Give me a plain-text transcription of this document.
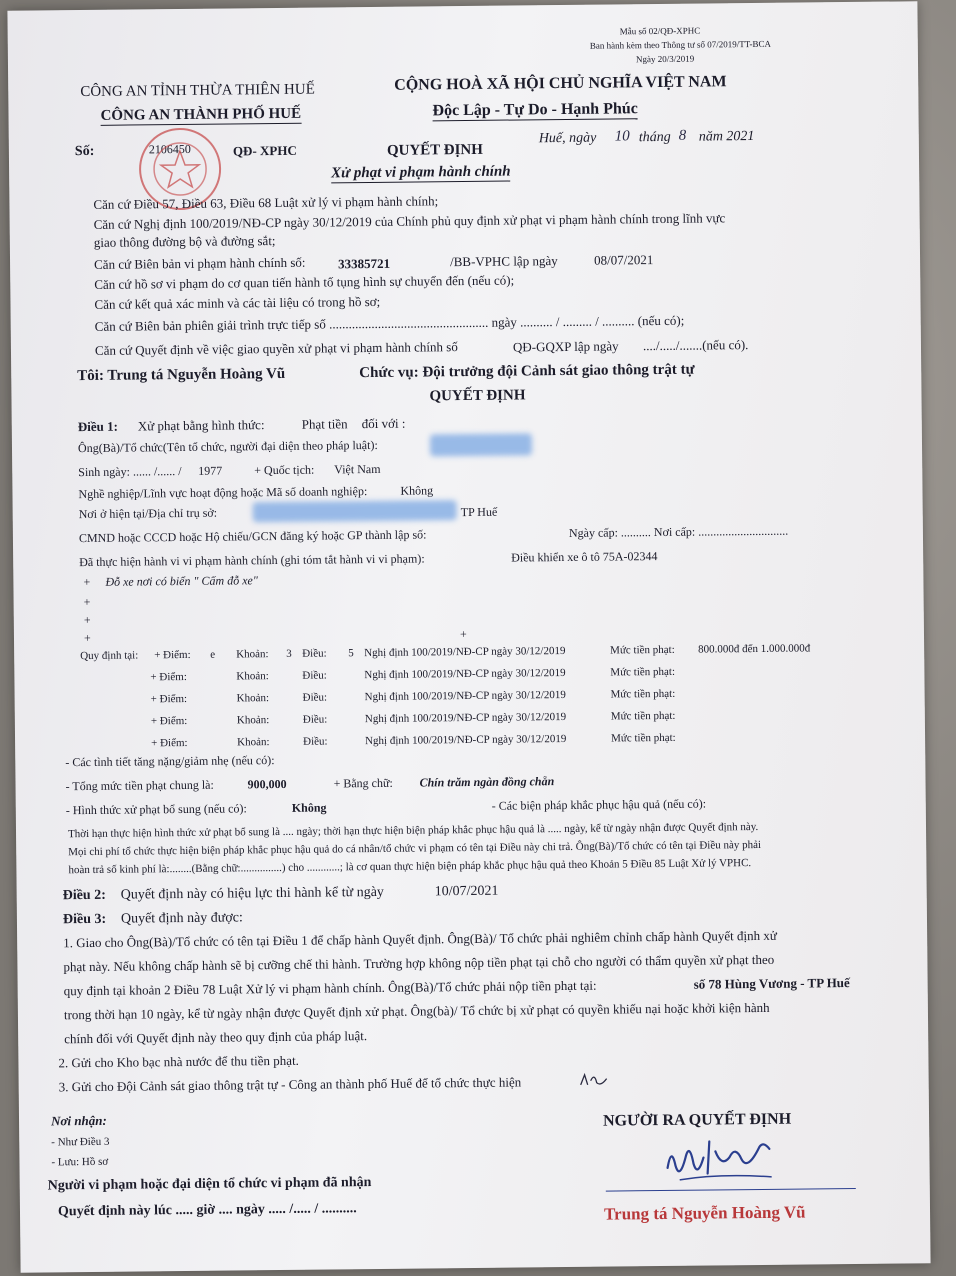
Mẫu số 02/QĐ-XPHC
Ban hành kèm theo Thông tư số 07/2019/TT-BCA
Ngày 20/3/2019
CÔNG AN TỈNH THỪA THIÊN HUẾ
CÔNG AN THÀNH PHỐ HUẾ
Số:	2106450	QĐ- XPHC
CỘNG HOÀ XÃ HỘI CHỦ NGHĨA VIỆT NAM
Độc Lập - Tự Do - Hạnh Phúc
Huế, ngày 10 tháng 8 năm 2021
QUYẾT ĐỊNH
Xử phạt vi phạm hành chính
Căn cứ Điều 57, Điều 63, Điều 68 Luật xử lý vi phạm hành chính;
Căn cứ Nghị định 100/2019/NĐ-CP ngày 30/12/2019 của Chính phủ quy định xử phạt vi phạm hành chính trong lĩnh vực
giao thông đường bộ và đường sắt;
Căn cứ Biên bản vi phạm hành chính số: 33385721	/BB-VPHC lập ngày	08/07/2021
Căn cứ hồ sơ vi phạm do cơ quan tiến hành tố tụng hình sự chuyển đến (nếu có);
Căn cứ kết quả xác minh và các tài liệu có trong hồ sơ;
Căn cứ Biên bản phiên giải trình trực tiếp số ................................................. ngày .......... / ......... / .......... (nếu có);
Căn cứ Quyết định về việc giao quyền xử phạt vi phạm hành chính số	QĐ-GQXP lập ngày ..../...../.......(nếu có).
Tôi: Trung tá Nguyễn Hoàng Vũ	Chức vụ: Đội trưởng đội Cảnh sát giao thông trật tự
QUYẾT ĐỊNH
Điều 1: Xử phạt bằng hình thức:	Phạt tiền đối với :
Ông(Bà)/Tổ chức(Tên tổ chức, người đại diện theo pháp luật):
Sinh ngày: ...... /...... / 1977	+ Quốc tịch: Việt Nam
Nghề nghiệp/Lĩnh vực hoạt động hoặc Mã số doanh nghiệp:	Không
Nơi ở hiện tại/Địa chỉ trụ sở:	TP Huế
CMND hoặc CCCD hoặc Hộ chiếu/GCN đăng ký hoặc GP thành lập số:	Ngày cấp: .......... Nơi cấp: ..............................
Đã thực hiện hành vi vi phạm hành chính (ghi tóm tắt hành vi vi phạm):	Điều khiển xe ô tô 75A-02344
+ Đỗ xe nơi có biển " Cấm đỗ xe"
+
+
+	+
Quy định tại: + Điểm: e Khoản: 3 Điều: 5 Nghị định 100/2019/NĐ-CP ngày 30/12/2019	Mức tiền phạt: 800.000đ đến 1.000.000đ
+ Điểm:	Khoản:	Điều:	Nghị định 100/2019/NĐ-CP ngày 30/12/2019	Mức tiền phạt:
+ Điểm:	Khoản:	Điều:	Nghị định 100/2019/NĐ-CP ngày 30/12/2019	Mức tiền phạt:
+ Điểm:	Khoản:	Điều:	Nghị định 100/2019/NĐ-CP ngày 30/12/2019	Mức tiền phạt:
+ Điểm:	Khoản:	Điều:	Nghị định 100/2019/NĐ-CP ngày 30/12/2019	Mức tiền phạt:
- Các tình tiết tăng nặng/giảm nhẹ (nếu có):
- Tổng mức tiền phạt chung là:	900,000	+ Bằng chữ: Chín trăm ngàn đồng chẵn
- Hình thức xử phạt bổ sung (nếu có):	Không	- Các biện pháp khắc phục hậu quả (nếu có):
Thời hạn thực hiện hình thức xử phạt bổ sung là .... ngày; thời hạn thực hiện biện pháp khắc phục hậu quả là ..... ngày, kể từ ngày nhận được Quyết định này.
Mọi chi phí tổ chức thực hiện biện pháp khắc phục hậu quả do cá nhân/tổ chức vi phạm có tên tại Điều này chi trả. Ông(Bà)/Tổ chức có tên tại Điều này phải
hoàn trả số kinh phí là:........(Bằng chữ:...............) cho ............; là cơ quan thực hiện biện pháp khắc phục hậu quả theo Khoản 5 Điều 85 Luật Xử lý VPHC.
Điều 2: Quyết định này có hiệu lực thi hành kể từ ngày	10/07/2021
Điều 3: Quyết định này được:
1. Giao cho Ông(Bà)/Tổ chức có tên tại Điều 1 để chấp hành Quyết định. Ông(Bà)/ Tổ chức phải nghiêm chỉnh chấp hành Quyết định xử
phạt này. Nếu không chấp hành sẽ bị cưỡng chế thi hành. Trường hợp không nộp tiền phạt tại chỗ cho người có thẩm quyền xử phạt theo
quy định tại khoản 2 Điều 78 Luật Xử lý vi phạm hành chính. Ông(Bà)/Tổ chức phải nộp tiền phạt tại:	số 78 Hùng Vương - TP Huế
trong thời hạn 10 ngày, kể từ ngày nhận được Quyết định xử phạt. Ông(bà)/ Tổ chức bị xử phạt có quyền khiếu nại hoặc khởi kiện hành
chính đối với Quyết định này theo quy định của pháp luật.
2. Gửi cho Kho bạc nhà nước để thu tiền phạt.
3. Gửi cho Đội Cảnh sát giao thông trật tự - Công an thành phố Huế để tổ chức thực hiện
Nơi nhận:
- Như Điều 3
- Lưu: Hồ sơ
Người vi phạm hoặc đại diện tổ chức vi phạm đã nhận
Quyết định này lúc ..... giờ .... ngày ..... /..... / ..........
NGƯỜI RA QUYẾT ĐỊNH
Trung tá Nguyễn Hoàng Vũ
